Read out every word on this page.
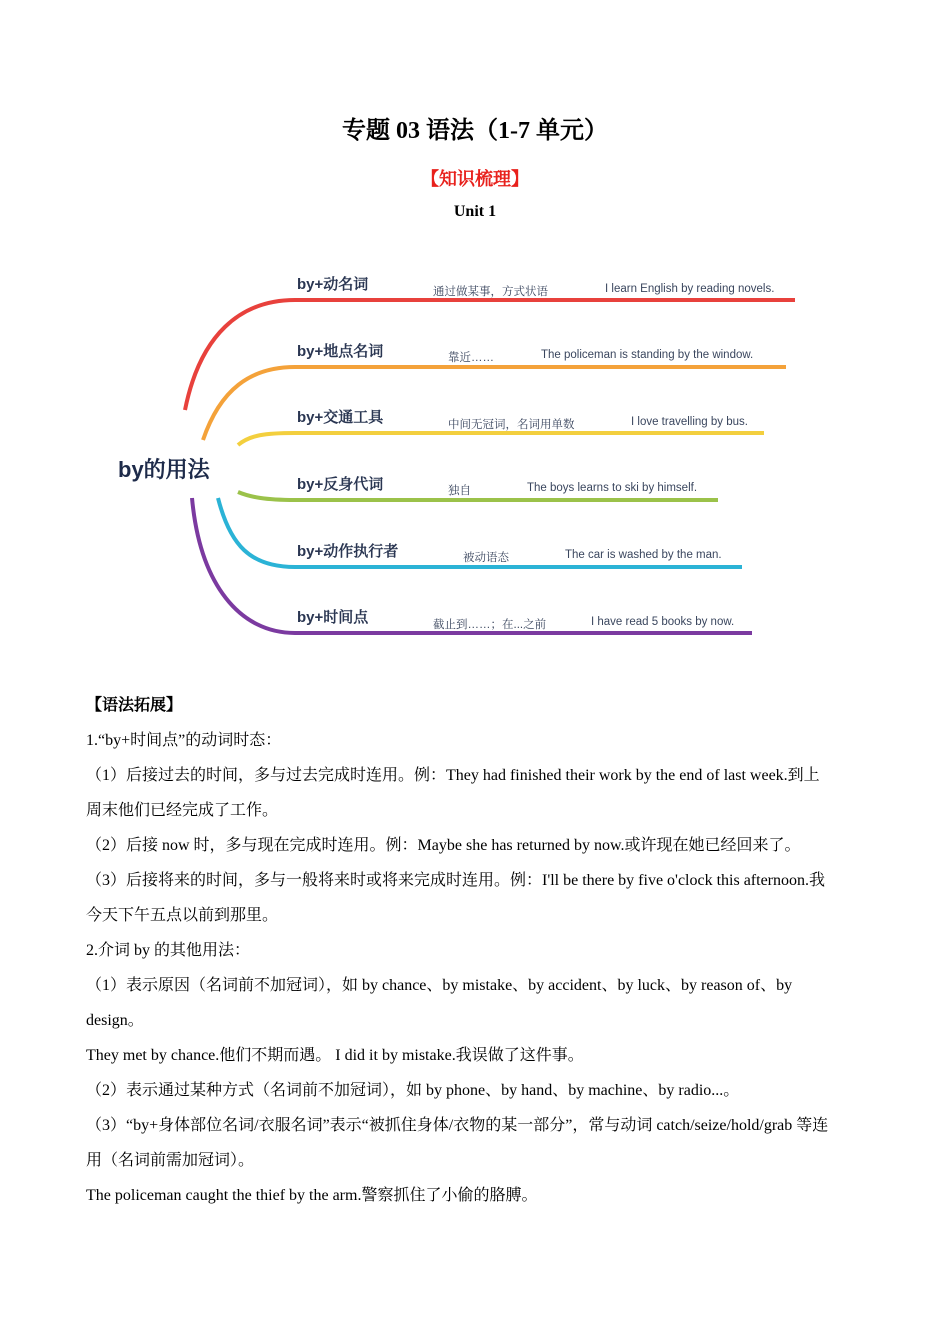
专题 03 语法（1-7 单元）
【知识梳理】
Unit 1
by的用法
by+动名词	通过做某事，方式状语	I learn English by reading novels.
by+地点名词	靠近……	The policeman is standing by the window.
by+交通工具	中间无冠词，名词用单数	I love travelling by bus.
by+反身代词	独自	The boys learns to ski by himself.
by+动作执行者	被动语态	The car is washed by the man.
by+时间点	截止到……；在...之前	I have read 5 books by now.

【语法拓展】

1.“by+时间点”的动词时态：

（1）后接过去的时间，多与过去完成时连用。例：They had finished their work by the end of last week.到上

周末他们已经完成了工作。

（2）后接 now 时，多与现在完成时连用。例：Maybe she has returned by now.或许现在她已经回来了。

（3）后接将来的时间，多与一般将来时或将来完成时连用。例：I'll be there by five o'clock this afternoon.我

今天下午五点以前到那里。

2.介词 by 的其他用法：

（1）表示原因（名词前不加冠词），如 by chance、by mistake、by accident、by luck、by reason of、by

design。

They met by chance.他们不期而遇。 I did it by mistake.我误做了这件事。

（2）表示通过某种方式（名词前不加冠词），如 by phone、by hand、by machine、by radio...。

（3）“by+身体部位名词/衣服名词”表示“被抓住身体/衣物的某一部分”，常与动词 catch/seize/hold/grab 等连

用（名词前需加冠词）。

The policeman caught the thief by the arm.警察抓住了小偷的胳膊。
